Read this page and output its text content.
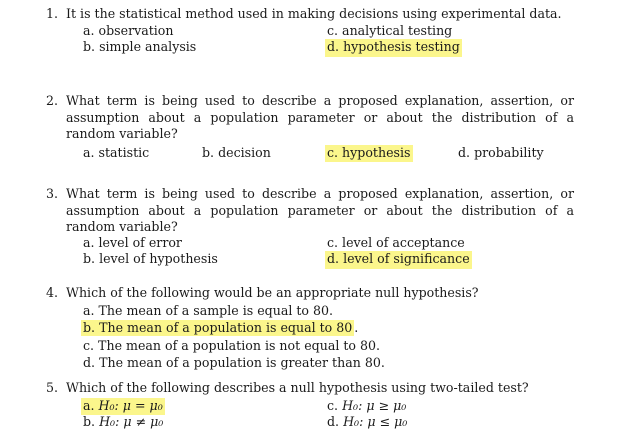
1. It is the statistical method used in making decisions using experimental data.
a. observation	c. analytical testing
b. simple analysis	d. hypothesis testing
2. What term is being used to describe a proposed explanation, assertion, or assumption about a population parameter or about the distribution of a random variable?
a. statistic	b. decision	c. hypothesis	d. probability
3. What term is being used to describe a proposed explanation, assertion, or assumption about a population parameter or about the distribution of a random variable?
a. level of error	c. level of acceptance
b. level of hypothesis	d. level of significance
4. Which of the following would be an appropriate null hypothesis?
a. The mean of a sample is equal to 80.
b. The mean of a population is equal to 80 .
c. The mean of a population is not equal to 80.
d. The mean of a population is greater than 80.
5. Which of the following describes a null hypothesis using two-tailed test?
a. H₀: μ = μ₀	c. H₀: μ ≥ μ₀
b. H₀: μ ≠ μ₀	d. H₀: μ ≤ μ₀
